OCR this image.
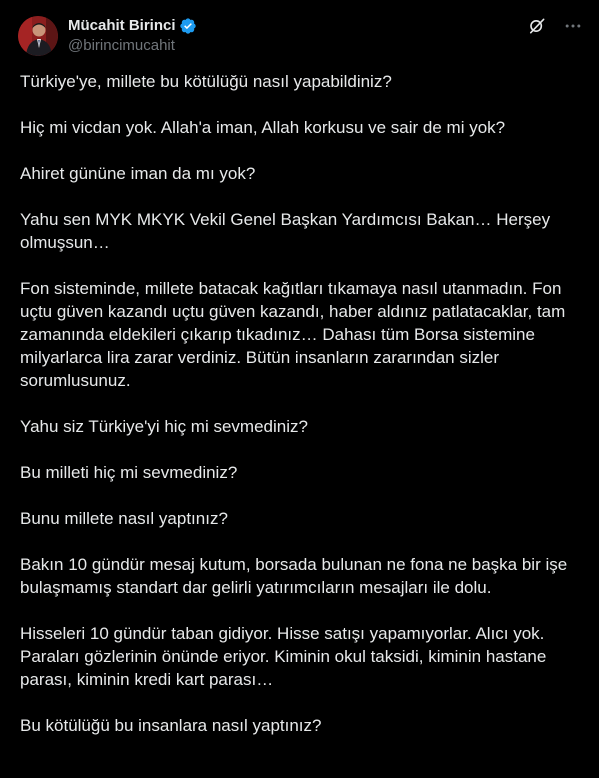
Mücahit Birinci
@birincimucahit

Türkiye'ye, millete bu kötülüğü nasıl yapabildiniz?

Hiç mi vicdan yok. Allah'a iman, Allah korkusu ve sair de mi yok?

Ahiret gününe iman da mı yok?

Yahu sen MYK MKYK Vekil Genel Başkan Yardımcısı Bakan… Herşey olmuşsun…

Fon sisteminde, millete batacak kağıtları tıkamaya nasıl utanmadın. Fon uçtu güven kazandı uçtu güven kazandı, haber aldınız patlatacaklar, tam zamanında eldekileri çıkarıp tıkadınız… Dahası tüm Borsa sistemine milyarlarca lira zarar verdiniz. Bütün insanların zararından sizler sorumlusunuz.

Yahu siz Türkiye'yi hiç mi sevmediniz?

Bu milleti hiç mi sevmediniz?

Bunu millete nasıl yaptınız?

Bakın 10 gündür mesaj kutum, borsada bulunan ne fona ne başka bir işe bulaşmamış standart dar gelirli yatırımcıların mesajları ile dolu.

Hisseleri 10 gündür taban gidiyor. Hisse satışı yapamıyorlar. Alıcı yok. Paraları gözlerinin önünde eriyor. Kiminin okul taksidi, kiminin hastane parası, kiminin kredi kart parası…

Bu kötülüğü bu insanlara nasıl yaptınız?
